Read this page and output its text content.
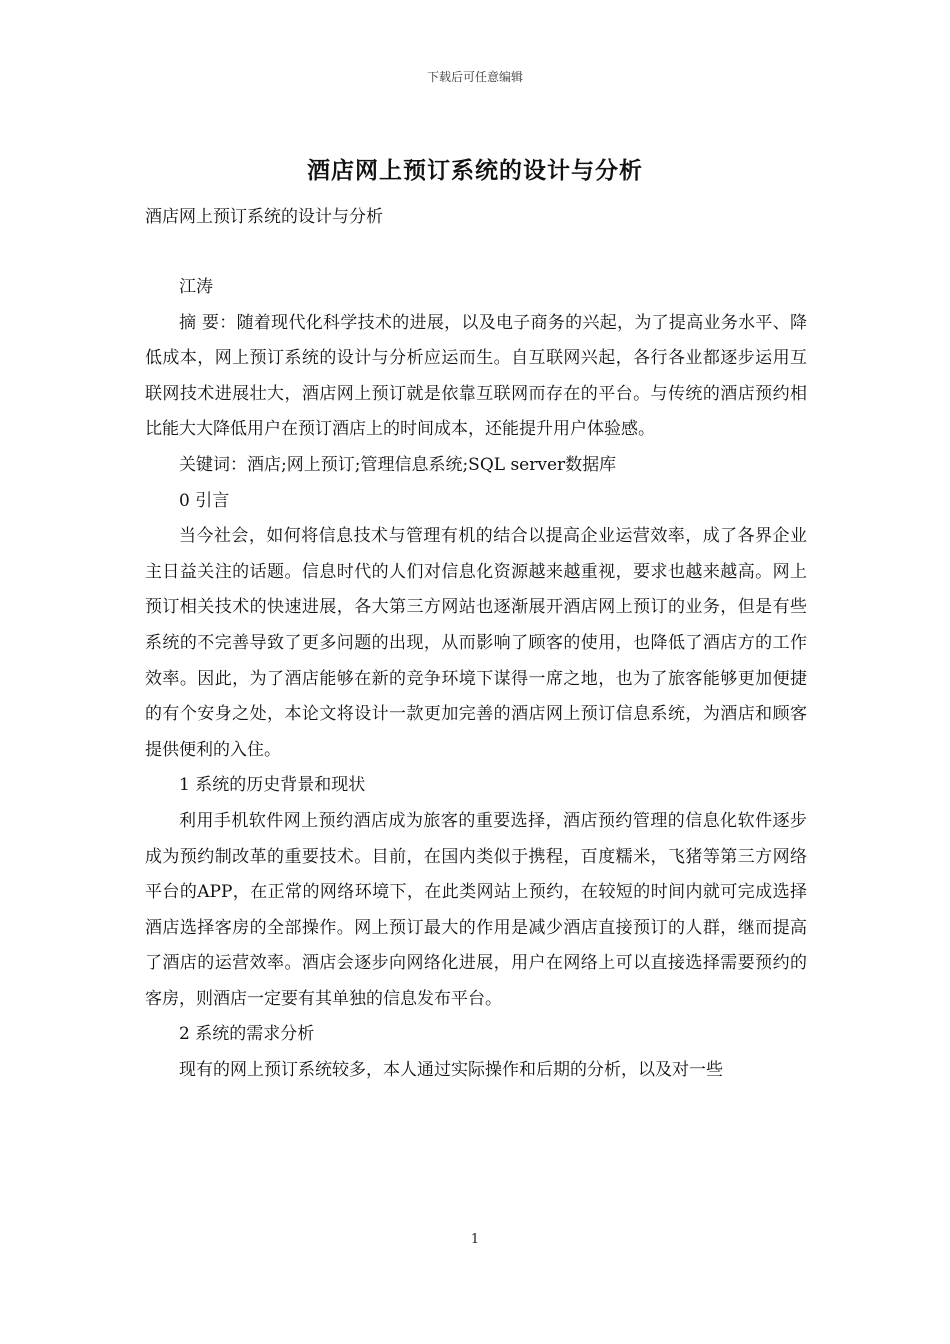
下载后可任意编辑
酒店网上预订系统的设计与分析
酒店网上预订系统的设计与分析

江涛

摘 要：随着现代化科学技术的进展，以及电子商务的兴起，为了提高业务水平、降低成本，网上预订系统的设计与分析应运而生。自互联网兴起，各行各业都逐步运用互联网技术进展壮大，酒店网上预订就是依靠互联网而存在的平台。与传统的酒店预约相比能大大降低用户在预订酒店上的时间成本，还能提升用户体验感。

关键词：酒店;网上预订;管理信息系统;SQL server数据库

0 引言

当今社会，如何将信息技术与管理有机的结合以提高企业运营效率，成了各界企业主日益关注的话题。信息时代的人们对信息化资源越来越重视，要求也越来越高。网上预订相关技术的快速进展，各大第三方网站也逐渐展开酒店网上预订的业务，但是有些系统的不完善导致了更多问题的出现，从而影响了顾客的使用，也降低了酒店方的工作效率。因此，为了酒店能够在新的竞争环境下谋得一席之地，也为了旅客能够更加便捷的有个安身之处，本论文将设计一款更加完善的酒店网上预订信息系统，为酒店和顾客提供便利的入住。

1 系统的历史背景和现状

利用手机软件网上预约酒店成为旅客的重要选择，酒店预约管理的信息化软件逐步成为预约制改革的重要技术。目前，在国内类似于携程，百度糯米，飞猪等第三方网络平台的APP，在正常的网络环境下，在此类网站上预约，在较短的时间内就可完成选择酒店选择客房的全部操作。网上预订最大的作用是减少酒店直接预订的人群，继而提高了酒店的运营效率。酒店会逐步向网络化进展，用户在网络上可以直接选择需要预约的客房，则酒店一定要有其单独的信息发布平台。

2 系统的需求分析

现有的网上预订系统较多，本人通过实际操作和后期的分析，以及对一些

1
